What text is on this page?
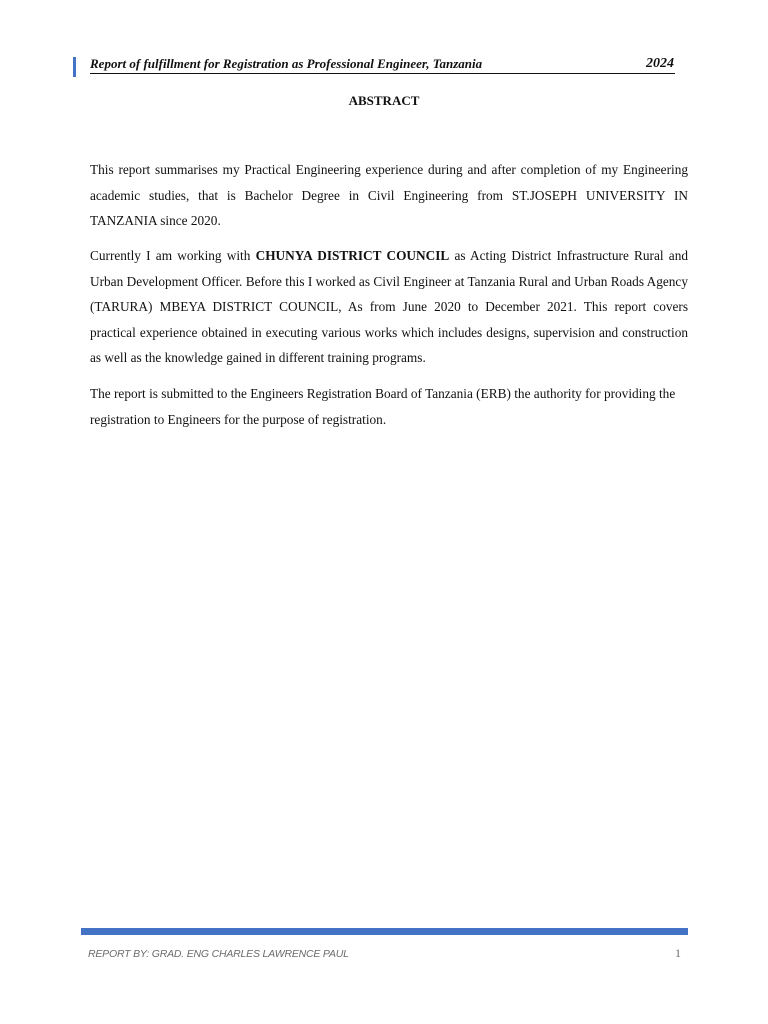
Report of fulfillment for Registration as Professional Engineer, Tanzania	2024
ABSTRACT

This report summarises my Practical Engineering experience during and after completion of my Engineering academic studies, that is Bachelor Degree in Civil Engineering from ST.JOSEPH UNIVERSITY IN TANZANIA since 2020.

Currently I am working with CHUNYA DISTRICT COUNCIL as Acting District Infrastructure Rural and Urban Development Officer. Before this I worked as Civil Engineer at Tanzania Rural and Urban Roads Agency (TARURA) MBEYA DISTRICT COUNCIL, As from June 2020 to December 2021. This report covers practical experience obtained in executing various works which includes designs, supervision and construction as well as the knowledge gained in different training programs.

The report is submitted to the Engineers Registration Board of Tanzania (ERB) the authority for providing the registration to Engineers for the purpose of registration.

REPORT BY: GRAD. ENG CHARLES LAWRENCE PAUL	1
